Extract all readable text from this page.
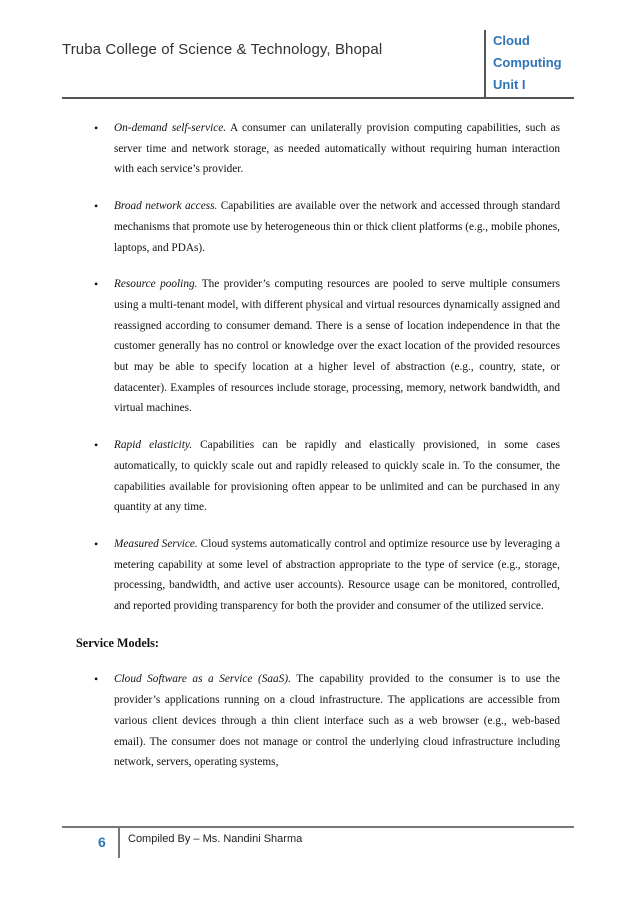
Truba College of Science & Technology, Bhopal
Cloud
Computing
Unit I
• On-demand self-service. A consumer can unilaterally provision computing capabilities, such as server time and network storage, as needed automatically without requiring human interaction with each service’s provider.
• Broad network access. Capabilities are available over the network and accessed through standard mechanisms that promote use by heterogeneous thin or thick client platforms (e.g., mobile phones, laptops, and PDAs).
• Resource pooling. The provider’s computing resources are pooled to serve multiple consumers using a multi-tenant model, with different physical and virtual resources dynamically assigned and reassigned according to consumer demand. There is a sense of location independence in that the customer generally has no control or knowledge over the exact location of the provided resources but may be able to specify location at a higher level of abstraction (e.g., country, state, or datacenter). Examples of resources include storage, processing, memory, network bandwidth, and virtual machines.
• Rapid elasticity. Capabilities can be rapidly and elastically provisioned, in some cases automatically, to quickly scale out and rapidly released to quickly scale in. To the consumer, the capabilities available for provisioning often appear to be unlimited and can be purchased in any quantity at any time.
• Measured Service. Cloud systems automatically control and optimize resource use by leveraging a metering capability at some level of abstraction appropriate to the type of service (e.g., storage, processing, bandwidth, and active user accounts). Resource usage can be monitored, controlled, and reported providing transparency for both the provider and consumer of the utilized service.
Service Models:
• Cloud Software as a Service (SaaS). The capability provided to the consumer is to use the provider’s applications running on a cloud infrastructure. The applications are accessible from various client devices through a thin client interface such as a web browser (e.g., web-based email). The consumer does not manage or control the underlying cloud infrastructure including network, servers, operating systems,
6 Compiled By – Ms. Nandini Sharma
